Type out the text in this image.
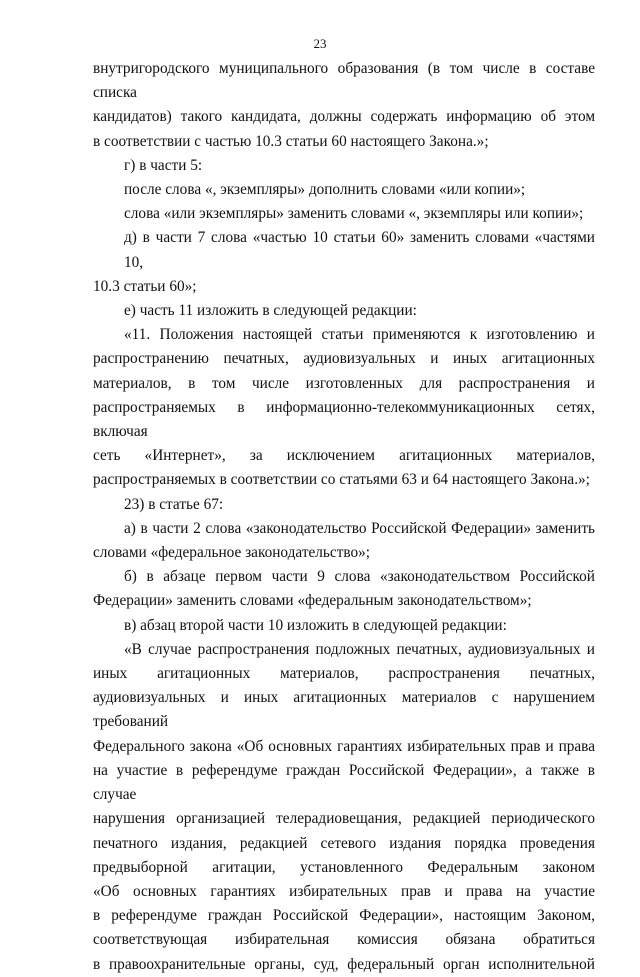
23

внутригородского муниципального образования (в том числе в составе списка
кандидатов) такого кандидата, должны содержать информацию об этом
в соответствии с частью 10.3 статьи 60 настоящего Закона.»;

г) в части 5:

после слова «, экземпляры» дополнить словами «или копии»;

слова «или экземпляры» заменить словами «, экземпляры или копии»;

д) в части 7 слова «частью 10 статьи 60» заменить словами «частями 10,
10.3 статьи 60»;

е) часть 11 изложить в следующей редакции:

«11. Положения настоящей статьи применяются к изготовлению и
распространению печатных, аудиовизуальных и иных агитационных
материалов, в том числе изготовленных для распространения и
распространяемых в информационно-телекоммуникационных сетях, включая
сеть «Интернет», за исключением агитационных материалов,
распространяемых в соответствии со статьями 63 и 64 настоящего Закона.»;

23) в статье 67:

а) в части 2 слова «законодательство Российской Федерации» заменить
словами «федеральное законодательство»;

б) в абзаце первом части 9 слова «законодательством Российской
Федерации» заменить словами «федеральным законодательством»;

в) абзац второй части 10 изложить в следующей редакции:

«В случае распространения подложных печатных, аудиовизуальных и
иных агитационных материалов, распространения печатных,
аудиовизуальных и иных агитационных материалов с нарушением требований
Федерального закона «Об основных гарантиях избирательных прав и права
на участие в референдуме граждан Российской Федерации», а также в случае
нарушения организацией телерадиовещания, редакцией периодического
печатного издания, редакцией сетевого издания порядка проведения
предвыборной агитации, установленного Федеральным законом
«Об основных гарантиях избирательных прав и права на участие
в референдуме граждан Российской Федерации», настоящим Законом,
соответствующая избирательная комиссия обязана обратиться
в правоохранительные органы, суд, федеральный орган исполнительной
